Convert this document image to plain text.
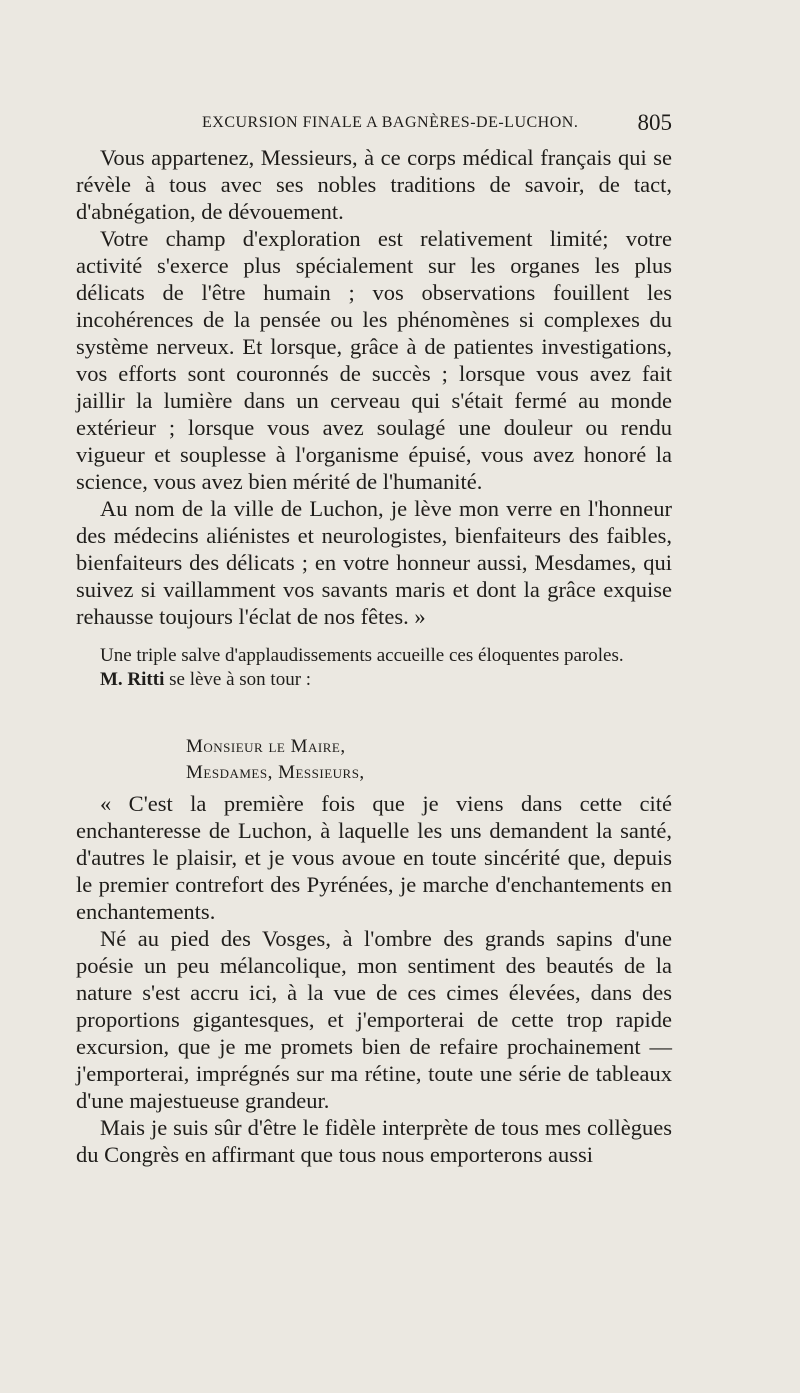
EXCURSION FINALE A BAGNÈRES-DE-LUCHON.	805

Vous appartenez, Messieurs, à ce corps médical français qui se révèle à tous avec ses nobles traditions de savoir, de tact, d'abnégation, de dévouement.

Votre champ d'exploration est relativement limité; votre activité s'exerce plus spécialement sur les organes les plus délicats de l'être humain ; vos observations fouillent les incohérences de la pensée ou les phénomènes si complexes du système nerveux. Et lorsque, grâce à de patientes investigations, vos efforts sont couronnés de succès ; lorsque vous avez fait jaillir la lumière dans un cerveau qui s'était fermé au monde extérieur ; lorsque vous avez soulagé une douleur ou rendu vigueur et souplesse à l'organisme épuisé, vous avez honoré la science, vous avez bien mérité de l'humanité.

Au nom de la ville de Luchon, je lève mon verre en l'honneur des médecins aliénistes et neurologistes, bienfaiteurs des faibles, bienfaiteurs des délicats ; en votre honneur aussi, Mesdames, qui suivez si vaillamment vos savants maris et dont la grâce exquise rehausse toujours l'éclat de nos fêtes. »

Une triple salve d'applaudissements accueille ces éloquentes paroles.

M. Ritti se lève à son tour :

Monsieur le Maire,

Mesdames, Messieurs,

« C'est la première fois que je viens dans cette cité enchanteresse de Luchon, à laquelle les uns demandent la santé, d'autres le plaisir, et je vous avoue en toute sincérité que, depuis le premier contrefort des Pyrénées, je marche d'enchantements en enchantements.

Né au pied des Vosges, à l'ombre des grands sapins d'une poésie un peu mélancolique, mon sentiment des beautés de la nature s'est accru ici, à la vue de ces cimes élevées, dans des proportions gigantesques, et j'emporterai de cette trop rapide excursion, que je me promets bien de refaire prochainement — j'emporterai, imprégnés sur ma rétine, toute une série de tableaux d'une majestueuse grandeur.

Mais je suis sûr d'être le fidèle interprète de tous mes collègues du Congrès en affirmant que tous nous emporterons aussi
